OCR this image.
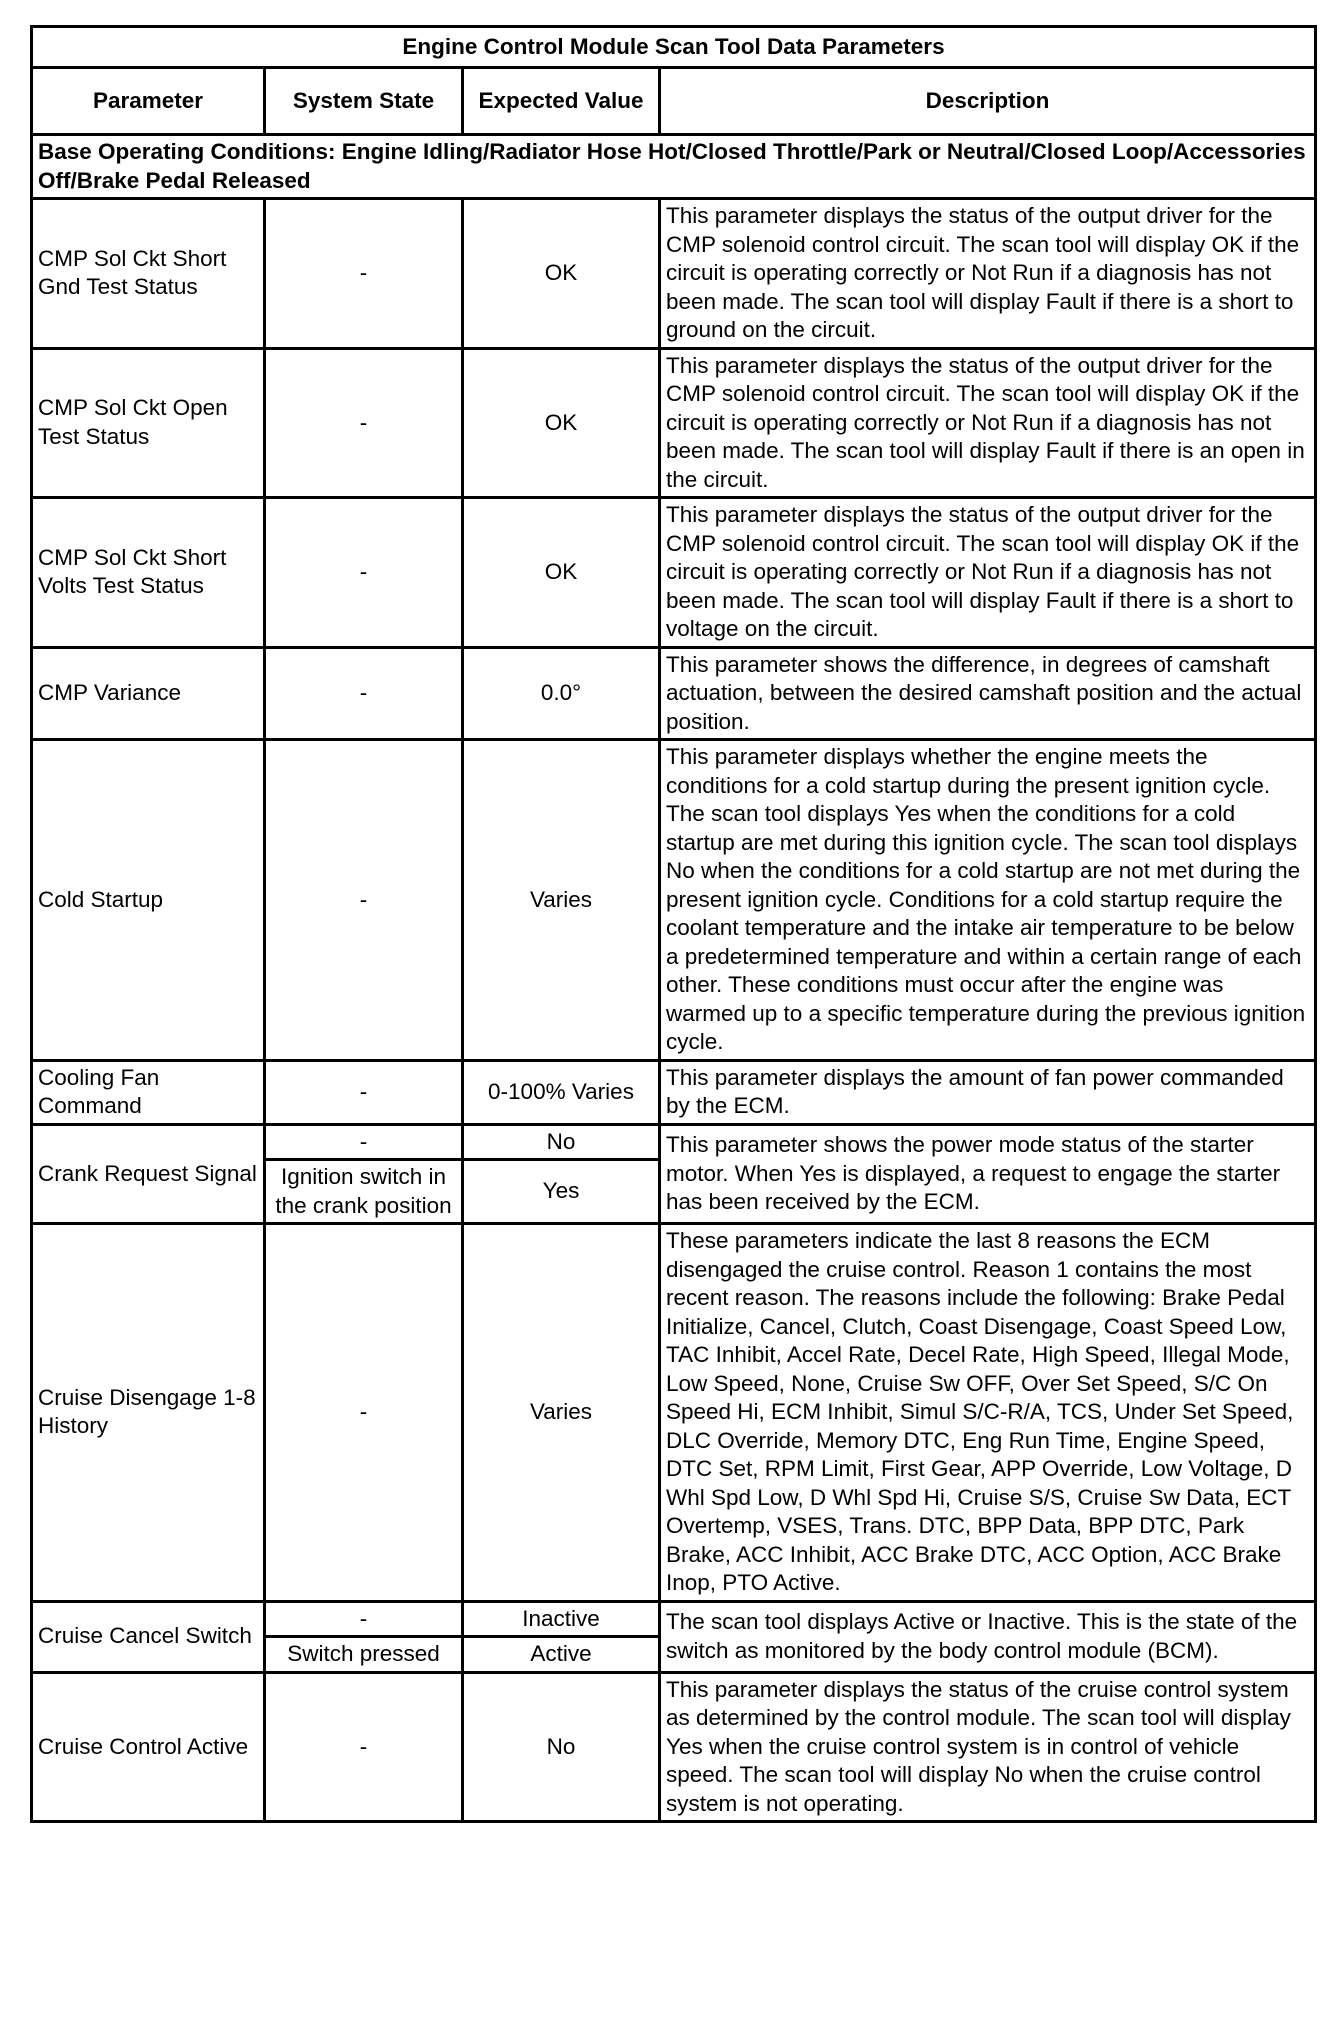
Engine Control Module Scan Tool Data Parameters			
Parameter	System State	Expected Value	Description
Base Operating Conditions: Engine Idling/Radiator Hose Hot/Closed Throttle/Park or Neutral/Closed Loop/Accessories Off/Brake Pedal Released			
CMP Sol Ckt Short Gnd Test Status	-	OK	This parameter displays the status of the output driver for the CMP solenoid control circuit. The scan tool will display OK if the circuit is operating correctly or Not Run if a diagnosis has not been made. The scan tool will display Fault if there is a short to ground on the circuit.
CMP Sol Ckt Open Test Status	-	OK	This parameter displays the status of the output driver for the CMP solenoid control circuit. The scan tool will display OK if the circuit is operating correctly or Not Run if a diagnosis has not been made. The scan tool will display Fault if there is an open in the circuit.
CMP Sol Ckt Short Volts Test Status	-	OK	This parameter displays the status of the output driver for the CMP solenoid control circuit. The scan tool will display OK if the circuit is operating correctly or Not Run if a diagnosis has not been made. The scan tool will display Fault if there is a short to voltage on the circuit.
CMP Variance	-	0.0°	This parameter shows the difference, in degrees of camshaft actuation, between the desired camshaft position and the actual position.
Cold Startup	-	Varies	This parameter displays whether the engine meets the conditions for a cold startup during the present ignition cycle. The scan tool displays Yes when the conditions for a cold startup are met during this ignition cycle. The scan tool displays No when the conditions for a cold startup are not met during the present ignition cycle. Conditions for a cold startup require the coolant temperature and the intake air temperature to be below a predetermined temperature and within a certain range of each other. These conditions must occur after the engine was warmed up to a specific temperature during the previous ignition cycle.
Cooling Fan Command	-	0-100% Varies	This parameter displays the amount of fan power commanded by the ECM.
Crank Request Signal	-	No	This parameter shows the power mode status of the starter motor. When Yes is displayed, a request to engage the starter has been received by the ECM.
	Ignition switch in the crank position	Yes	
Cruise Disengage 1-8 History	-	Varies	These parameters indicate the last 8 reasons the ECM disengaged the cruise control. Reason 1 contains the most recent reason. The reasons include the following: Brake Pedal Initialize, Cancel, Clutch, Coast Disengage, Coast Speed Low, TAC Inhibit, Accel Rate, Decel Rate, High Speed, Illegal Mode, Low Speed, None, Cruise Sw OFF, Over Set Speed, S/C On Speed Hi, ECM Inhibit, Simul S/C-R/A, TCS, Under Set Speed, DLC Override, Memory DTC, Eng Run Time, Engine Speed, DTC Set, RPM Limit, First Gear, APP Override, Low Voltage, D Whl Spd Low, D Whl Spd Hi, Cruise S/S, Cruise Sw Data, ECT Overtemp, VSES, Trans. DTC, BPP Data, BPP DTC, Park Brake, ACC Inhibit, ACC Brake DTC, ACC Option, ACC Brake Inop, PTO Active.
Cruise Cancel Switch	-	Inactive	The scan tool displays Active or Inactive. This is the state of the switch as monitored by the body control module (BCM).
	Switch pressed	Active	
Cruise Control Active	-	No	This parameter displays the status of the cruise control system as determined by the control module. The scan tool will display Yes when the cruise control system is in control of vehicle speed. The scan tool will display No when the cruise control system is not operating.
